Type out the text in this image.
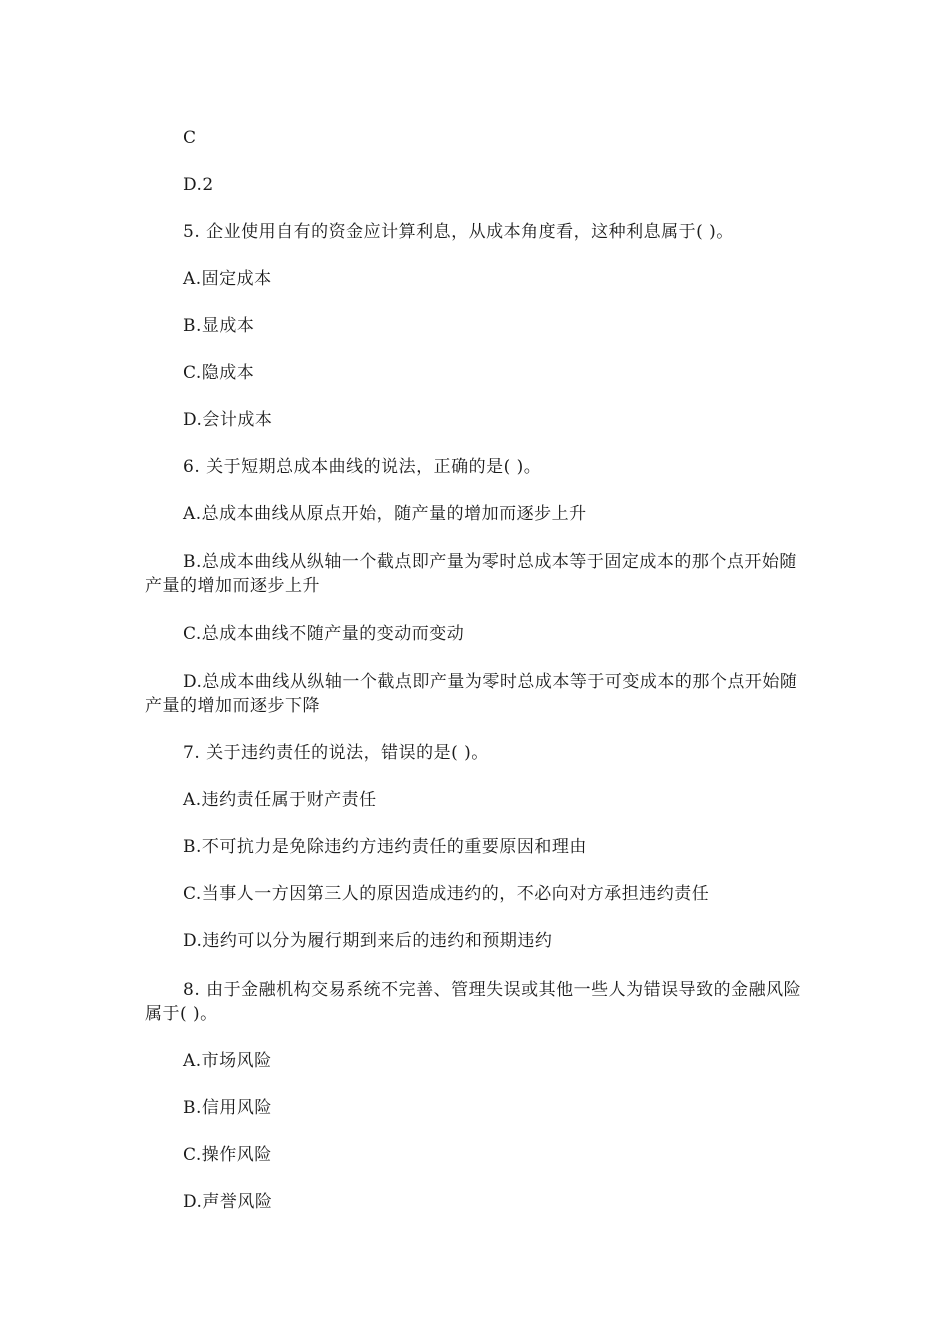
C
D.2
5. 企业使用自有的资金应计算利息，从成本角度看，这种利息属于( )。
A.固定成本
B.显成本
C.隐成本
D.会计成本
6. 关于短期总成本曲线的说法，正确的是( )。
A.总成本曲线从原点开始，随产量的增加而逐步上升
B.总成本曲线从纵轴一个截点即产量为零时总成本等于固定成本的那个点开始随产量的增加而逐步上升
C.总成本曲线不随产量的变动而变动
D.总成本曲线从纵轴一个截点即产量为零时总成本等于可变成本的那个点开始随产量的增加而逐步下降
7. 关于违约责任的说法，错误的是( )。
A.违约责任属于财产责任
B.不可抗力是免除违约方违约责任的重要原因和理由
C.当事人一方因第三人的原因造成违约的，不必向对方承担违约责任
D.违约可以分为履行期到来后的违约和预期违约
8. 由于金融机构交易系统不完善、管理失误或其他一些人为错误导致的金融风险属于( )。
A.市场风险
B.信用风险
C.操作风险
D.声誉风险
